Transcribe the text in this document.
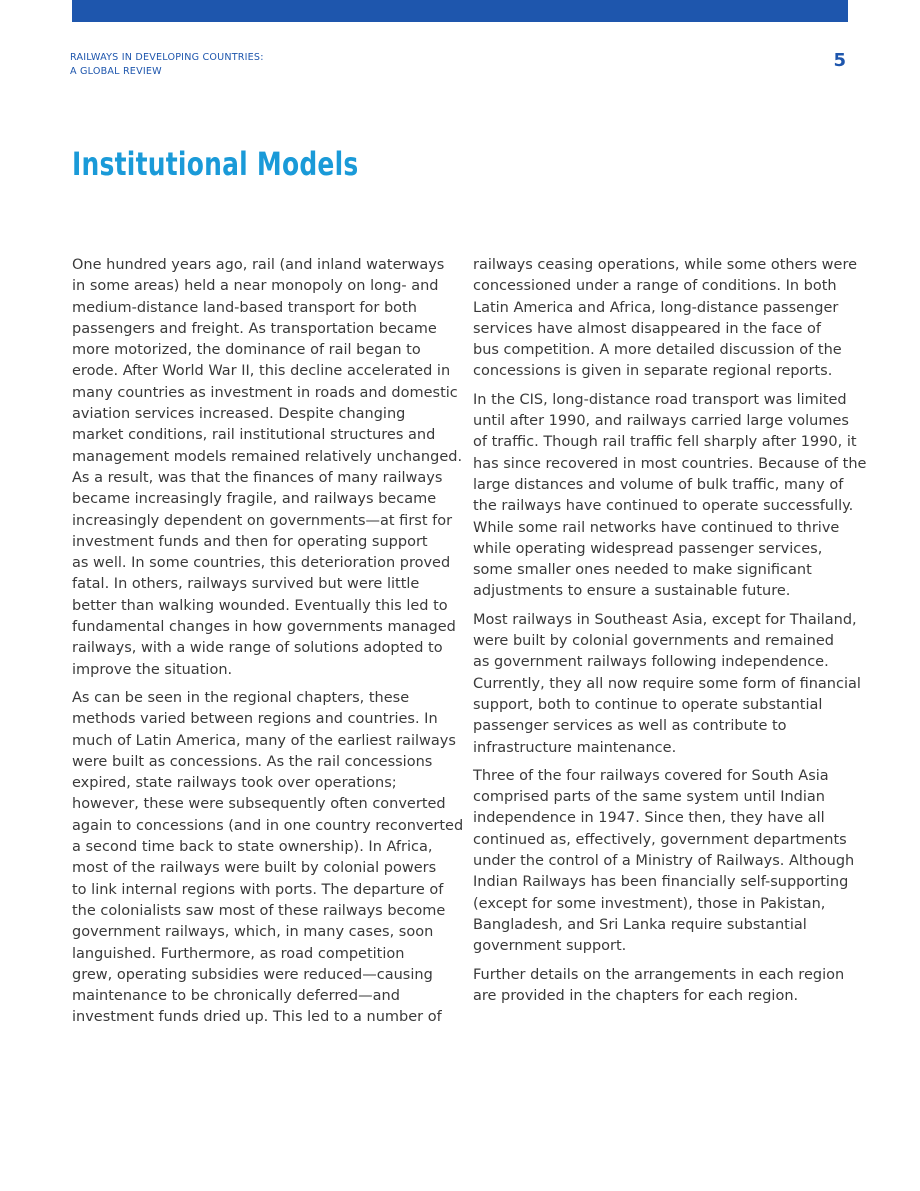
RAILWAYS IN DEVELOPING COUNTRIES:
A GLOBAL REVIEW
5
Institutional Models

One hundred years ago, rail (and inland waterways
in some areas) held a near monopoly on long- and
medium-distance land-based transport for both
passengers and freight. As transportation became
more motorized, the dominance of rail began to
erode. After World War II, this decline accelerated in
many countries as investment in roads and domestic
aviation services increased. Despite changing
market conditions, rail institutional structures and
management models remained relatively unchanged.
As a result, was that the finances of many railways
became increasingly fragile, and railways became
increasingly dependent on governments—at first for
investment funds and then for operating support
as well. In some countries, this deterioration proved
fatal. In others, railways survived but were little
better than walking wounded. Eventually this led to
fundamental changes in how governments managed
railways, with a wide range of solutions adopted to
improve the situation.

As can be seen in the regional chapters, these
methods varied between regions and countries. In
much of Latin America, many of the earliest railways
were built as concessions. As the rail concessions
expired, state railways took over operations;
however, these were subsequently often converted
again to concessions (and in one country reconverted
a second time back to state ownership). In Africa,
most of the railways were built by colonial powers
to link internal regions with ports. The departure of
the colonialists saw most of these railways become
government railways, which, in many cases, soon
languished. Furthermore, as road competition
grew, operating subsidies were reduced—causing
maintenance to be chronically deferred—and
investment funds dried up. This led to a number of

railways ceasing operations, while some others were
concessioned under a range of conditions. In both
Latin America and Africa, long-distance passenger
services have almost disappeared in the face of
bus competition. A more detailed discussion of the
concessions is given in separate regional reports.

In the CIS, long-distance road transport was limited
until after 1990, and railways carried large volumes
of traffic. Though rail traffic fell sharply after 1990, it
has since recovered in most countries. Because of the
large distances and volume of bulk traffic, many of
the railways have continued to operate successfully.
While some rail networks have continued to thrive
while operating widespread passenger services,
some smaller ones needed to make significant
adjustments to ensure a sustainable future.

Most railways in Southeast Asia, except for Thailand,
were built by colonial governments and remained
as government railways following independence.
Currently, they all now require some form of financial
support, both to continue to operate substantial
passenger services as well as contribute to
infrastructure maintenance.

Three of the four railways covered for South Asia
comprised parts of the same system until Indian
independence in 1947. Since then, they have all
continued as, effectively, government departments
under the control of a Ministry of Railways. Although
Indian Railways has been financially self-supporting
(except for some investment), those in Pakistan,
Bangladesh, and Sri Lanka require substantial
government support.

Further details on the arrangements in each region
are provided in the chapters for each region.
